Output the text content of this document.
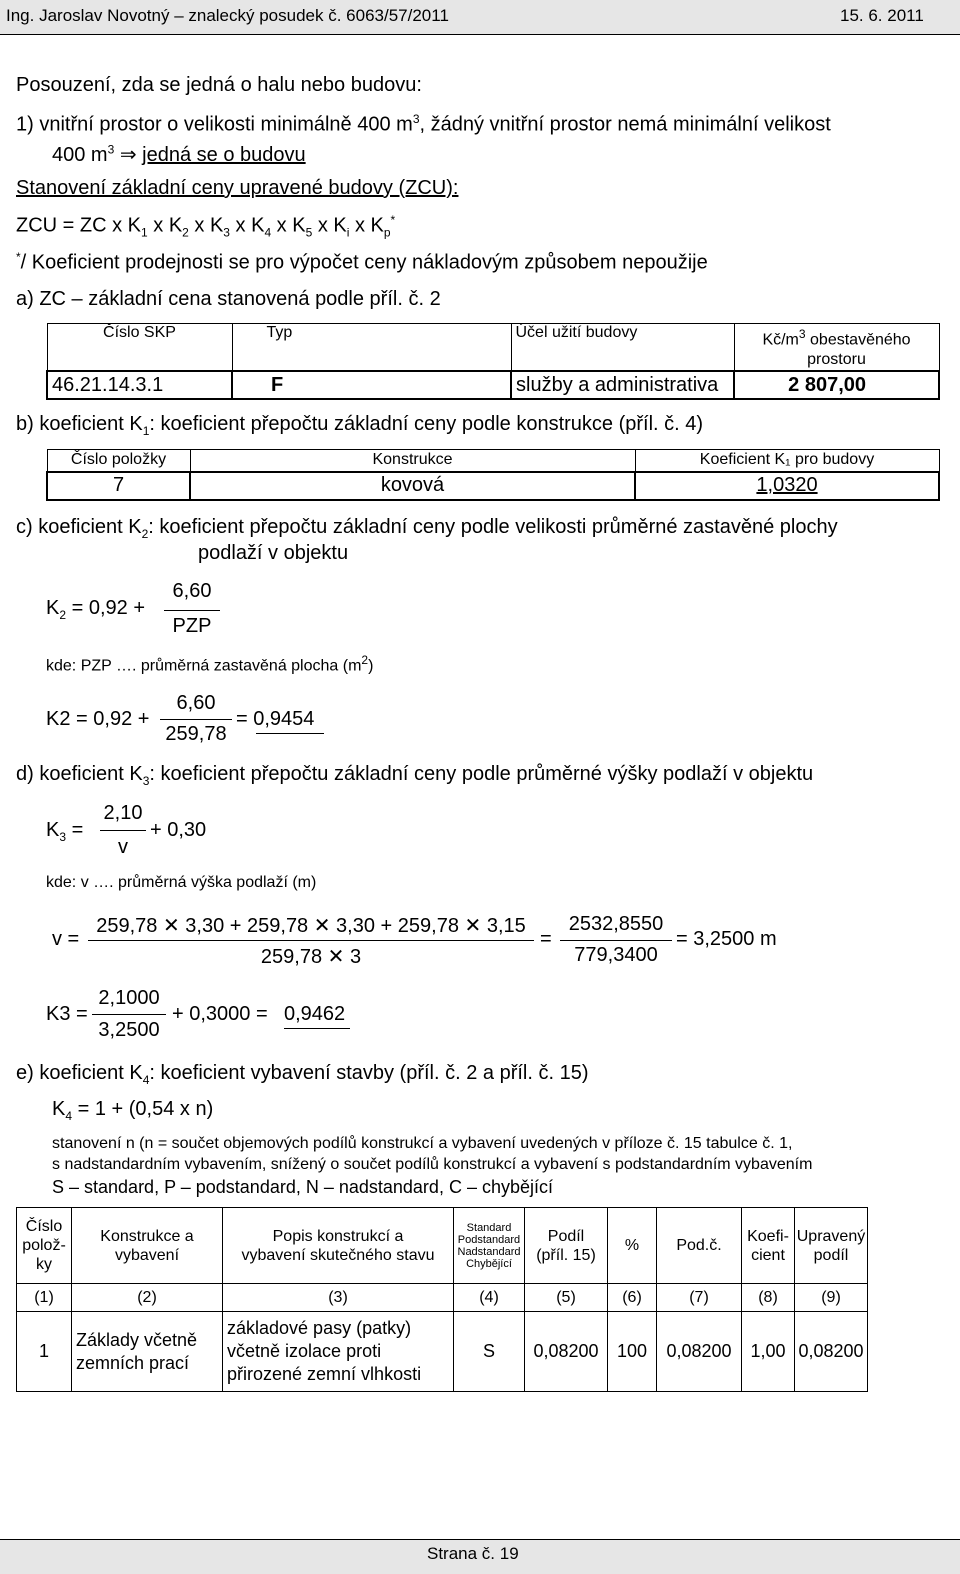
Ing. Jaroslav Novotný – znalecký posudek č. 6063/57/2011	15. 6. 2011
Posouzení, zda se jedná o halu nebo budovu:
1) vnitřní prostor o velikosti minimálně 400 $m^3$, žádný vnitřní prostor nemá minimální velikost
400 $m^3$ ⇒ jedná se o budovu
Stanovení základní ceny upravené budovy (ZCU):
ZCU = ZC x $K_1$ x $K_2$ x $K_3$ x $K_4$ x $K_5$ x $K_i$ x $K_p^*$
*/ Koeficient prodejnosti se pro výpočet ceny nákladovým způsobem nepoužije
a) ZC – základní cena stanovená podle příl. č. 2
Číslo SKP	Typ	Účel užití budovy	$Kč/m^3$ obestavěného
prostoru
46.21.14.3.1	F	služby a administrativa	2 807,00
b) koeficient $K_1$: koeficient přepočtu základní ceny podle konstrukce (příl. č. 4)
Číslo položky	Konstrukce	Koeficient K₁ pro budovy
7	kovová	1,0320
c) koeficient $K_2$: koeficient přepočtu základní ceny podle velikosti průměrné zastavěné plochy
podlaží v objektu
$K_2 = 0,92$ +
6,60
PZP
kde: PZP …. průměrná zastavěná plocha $(m^2)$
K2 = 0,92 +
6,60
259,78
= 0,9454
d) koeficient $K_3$: koeficient přepočtu základní ceny podle průměrné výšky podlaží v objektu
$K_3$ =
2,10
v
+ 0,30
kde: v …. průměrná výška podlaží (m)
v =
259,78 ✕ 3,30 + 259,78 ✕ 3,30 + 259,78 ✕ 3,15
259,78 ✕ 3
=
2532,8550
779,3400
= 3,2500 m
K3 =
2,1000
3,2500
+ 0,3000 = 0,9462
e) koeficient $K_4$: koeficient vybavení stavby (příl. č. 2 a příl. č. 15)
$K_4 = 1 + (0,54$ x n)
stanovení n (n = součet objemových podílů konstrukcí a vybavení uvedených v příloze č. 15 tabulce č. 1,
s nadstandardním vybavením, snížený o součet podílů konstrukcí a vybavení s podstandardním vybavením
S – standard, P – podstandard, N – nadstandard, C – chybějící
Číslo
polož-
ky	Konstrukce a
vybavení	Popis konstrukcí a
vybavení skutečného stavu	Standard
Podstandard
Nadstandard
Chybějící	Podíl
(příl. 15)	%	Pod.č.	Koefi-
cient	Upravený
podíl
(1)	(2)	(3)	(4)	(5)	(6)	(7)	(8)	(9)
1	Základy včetně
zemních prací	základové pasy (patky)
včetně izolace proti
přirozené zemní vlhkosti	S	0,08200	100	0,08200	1,00	0,08200
Strana č. 19
